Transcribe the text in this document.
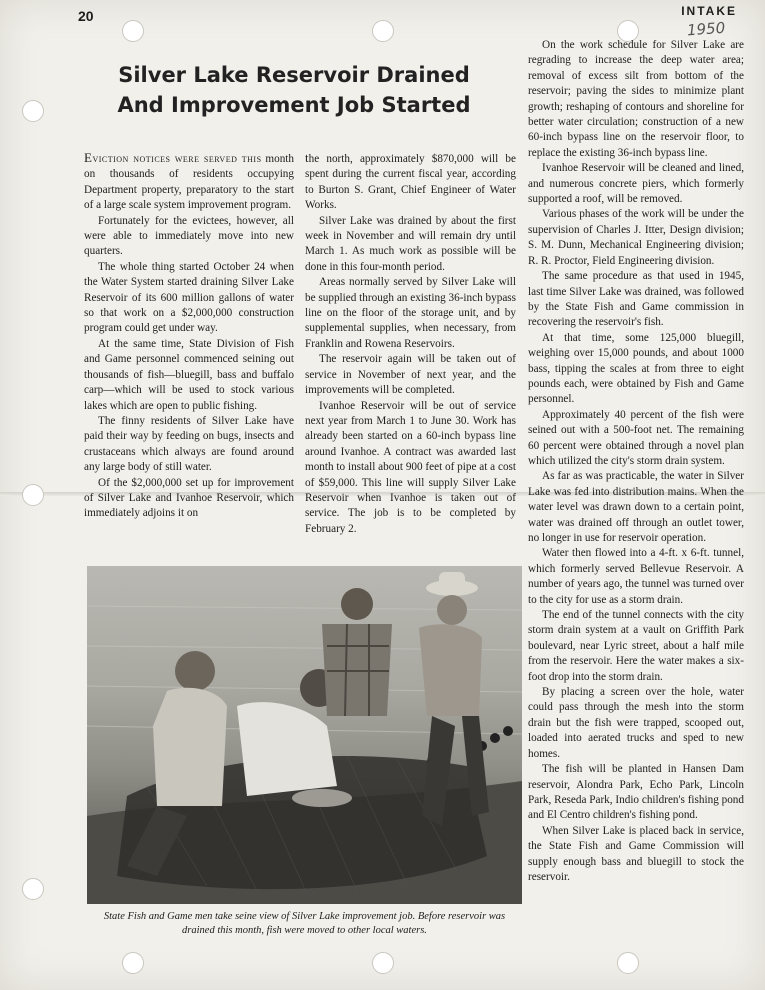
20	INTAKE
1950
Silver Lake Reservoir Drained
And Improvement Job Started

Eviction notices were served this month on thousands of residents occupying Department property, preparatory to the start of a large scale system improvement program.

Fortunately for the evictees, however, all were able to immediately move into new quarters.

The whole thing started October 24 when the Water System started draining Silver Lake Reservoir of its 600 million gallons of water so that work on a $2,000,000 construction program could get under way.

At the same time, State Division of Fish and Game personnel commenced seining out thousands of fish—bluegill, bass and buffalo carp—which will be used to stock various lakes which are open to public fishing.

The finny residents of Silver Lake have paid their way by feeding on bugs, insects and crustaceans which always are found around any large body of still water.

Of the $2,000,000 set up for improvement of Silver Lake and Ivanhoe Reservoir, which immediately adjoins it on

the north, approximately $870,000 will be spent during the current fiscal year, according to Burton S. Grant, Chief Engineer of Water Works.

Silver Lake was drained by about the first week in November and will remain dry until March 1. As much work as possible will be done in this four-month period.

Areas normally served by Silver Lake will be supplied through an existing 36-inch bypass line on the floor of the storage unit, and by supplemental supplies, when necessary, from Franklin and Rowena Reservoirs.

The reservoir again will be taken out of service in November of next year, and the improvements will be completed.

Ivanhoe Reservoir will be out of service next year from March 1 to June 30. Work has already been started on a 60-inch bypass line around Ivanhoe. A contract was awarded last month to install about 900 feet of pipe at a cost of $59,000. This line will supply Silver Lake Reservoir when Ivanhoe is taken out of service. The job is to be completed by February 2.

On the work schedule for Silver Lake are regrading to increase the deep water area; removal of excess silt from bottom of the reservoir; paving the sides to minimize plant growth; reshaping of contours and shoreline for better water circulation; construction of a new 60-inch bypass line on the reservoir floor, to replace the existing 36-inch bypass line.

Ivanhoe Reservoir will be cleaned and lined, and numerous concrete piers, which formerly supported a roof, will be removed.

Various phases of the work will be under the supervision of Charles J. Itter, Design division; S. M. Dunn, Mechanical Engineering division; R. R. Proctor, Field Engineering division.

The same procedure as that used in 1945, last time Silver Lake was drained, was followed by the State Fish and Game commission in recovering the reservoir's fish.

At that time, some 125,000 bluegill, weighing over 15,000 pounds, and about 1000 bass, tipping the scales at from three to eight pounds each, were obtained by Fish and Game personnel.

Approximately 40 percent of the fish were seined out with a 500-foot net. The remaining 60 percent were obtained through a novel plan which utilized the city's storm drain system.

As far as was practicable, the water in Silver Lake was fed into distribution mains. When the water level was drawn down to a certain point, water was drained off through an outlet tower, no longer in use for reservoir operation.

Water then flowed into a 4-ft. x 6-ft. tunnel, which formerly served Bellevue Reservoir. A number of years ago, the tunnel was turned over to the city for use as a storm drain.

The end of the tunnel connects with the city storm drain system at a vault on Griffith Park boulevard, near Lyric street, about a half mile from the reservoir. Here the water makes a six-foot drop into the storm drain.

By placing a screen over the hole, water could pass through the mesh into the storm drain but the fish were trapped, scooped out, loaded into aerated trucks and sped to new homes.

The fish will be planted in Hansen Dam reservoir, Alondra Park, Echo Park, Lincoln Park, Reseda Park, Indio children's fishing pond and El Centro children's fishing pond.

When Silver Lake is placed back in service, the State Fish and Game Commission will supply enough bass and bluegill to stock the reservoir.

State Fish and Game men take seine view of Silver Lake improvement job. Before reservoir was drained this month, fish were moved to other local waters.
